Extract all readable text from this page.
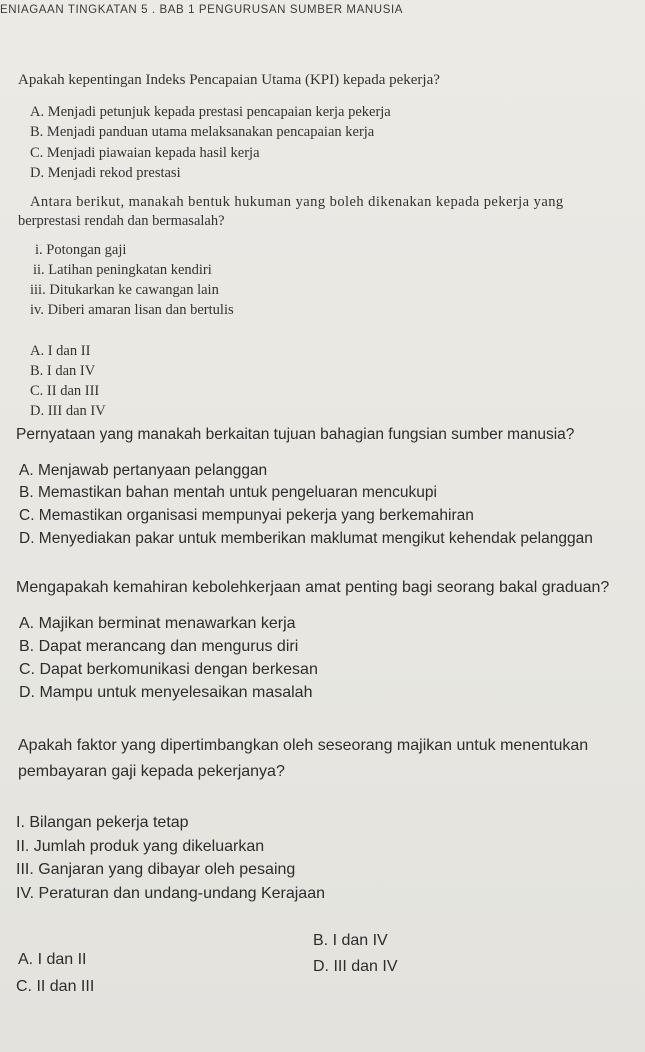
ENIAGAAN TINGKATAN 5 . BAB 1 PENGURUSAN SUMBER MANUSIA
Apakah kepentingan Indeks Pencapaian Utama (KPI) kepada pekerja?
A. Menjadi petunjuk kepada prestasi pencapaian kerja pekerja
B. Menjadi panduan utama melaksanakan pencapaian kerja
C. Menjadi piawaian kepada hasil kerja
D. Menjadi rekod prestasi
Antara berikut, manakah bentuk hukuman yang boleh dikenakan kepada pekerja yang
berprestasi rendah dan bermasalah?
i. Potongan gaji
ii. Latihan peningkatan kendiri
iii. Ditukarkan ke cawangan lain
iv. Diberi amaran lisan dan bertulis
A. I dan II
B. I dan IV
C. II dan III
D. III dan IV
Pernyataan yang manakah berkaitan tujuan bahagian fungsian sumber manusia?
A. Menjawab pertanyaan pelanggan
B. Memastikan bahan mentah untuk pengeluaran mencukupi
C. Memastikan organisasi mempunyai pekerja yang berkemahiran
D. Menyediakan pakar untuk memberikan maklumat mengikut kehendak pelanggan
Mengapakah kemahiran kebolehkerjaan amat penting bagi seorang bakal graduan?
A. Majikan berminat menawarkan kerja
B. Dapat merancang dan mengurus diri
C. Dapat berkomunikasi dengan berkesan
D. Mampu untuk menyelesaikan masalah
Apakah faktor yang dipertimbangkan oleh seseorang majikan untuk menentukan
pembayaran gaji kepada pekerjanya?
I. Bilangan pekerja tetap
II. Jumlah produk yang dikeluarkan
III. Ganjaran yang dibayar oleh pesaing
IV. Peraturan dan undang-undang Kerajaan
B. I dan IV
A. I dan II	D. III dan IV
C. II dan III
